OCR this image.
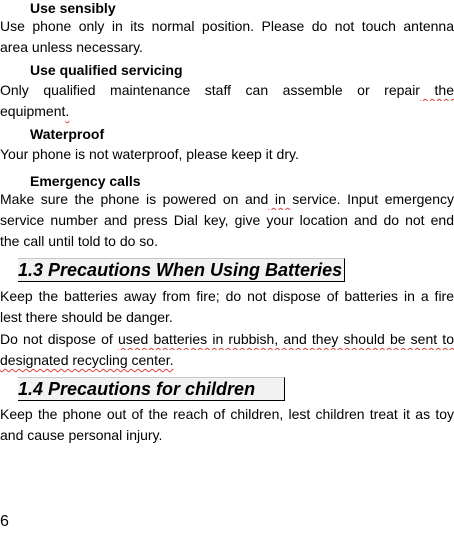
Use sensibly
Use phone only in its normal position. Please do not touch antenna
area unless necessary.
Use qualified servicing
Only qualified maintenance staff can assemble or repair the
equipment.
Waterproof
Your phone is not waterproof, please keep it dry.
Emergency calls
Make sure the phone is powered on and in service. Input emergency
service number and press Dial key, give your location and do not end
the call until told to do so.
1.3 Precautions When Using Batteries
Keep the batteries away from fire; do not dispose of batteries in a fire
lest there should be danger.
Do not dispose of used batteries in rubbish, and they should be sent to
designated recycling center.
1.4 Precautions for children
Keep the phone out of the reach of children, lest children treat it as toy
and cause personal injury.
6
